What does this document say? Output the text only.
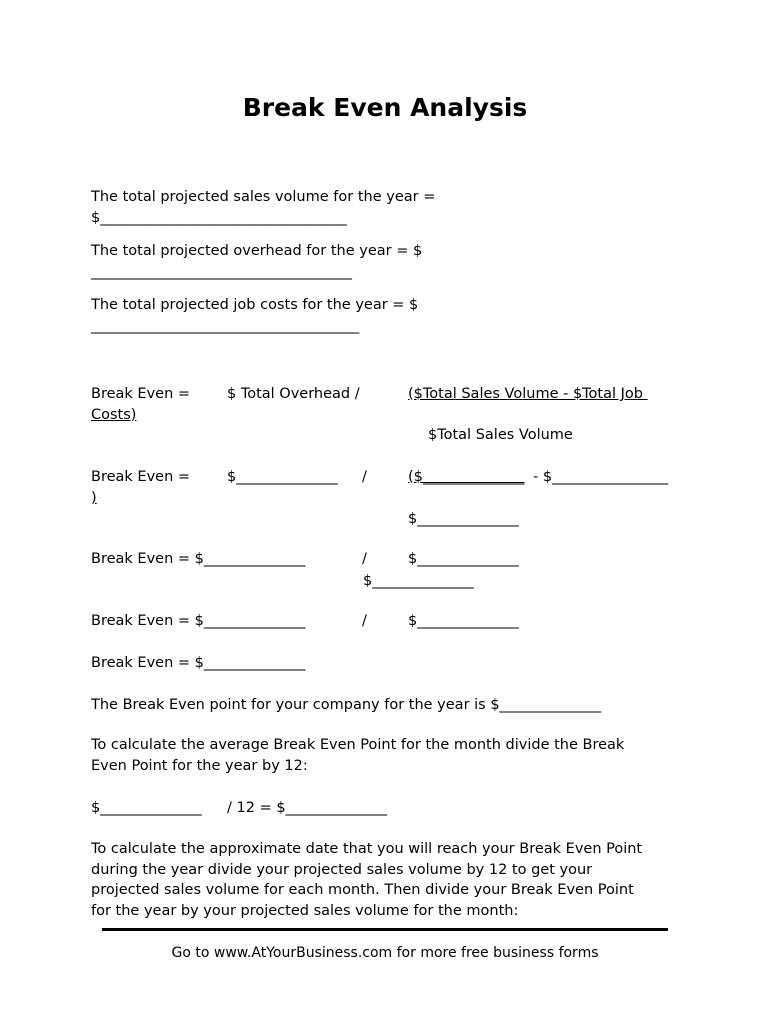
Break Even Analysis
The total projected sales volume for the year =
$__________________________________
The total projected overhead for the year = $
____________________________________
The total projected job costs for the year = $
_____________________________________
Break Even =	$ Total Overhead /	($Total Sales Volume - $Total Job
Costs)
$Total Sales Volume
Break Even =	$______________ /	($______________ - $________________
)
$______________
Break Even = $______________	/	$______________
$______________
Break Even = $______________	/	$______________
Break Even = $______________
The Break Even point for your company for the year is $______________
To calculate the average Break Even Point for the month divide the Break
Even Point for the year by 12:
$______________ / 12 = $______________
To calculate the approximate date that you will reach your Break Even Point
during the year divide your projected sales volume by 12 to get your
projected sales volume for each month. Then divide your Break Even Point
for the year by your projected sales volume for the month:
Go to www.AtYourBusiness.com for more free business forms
